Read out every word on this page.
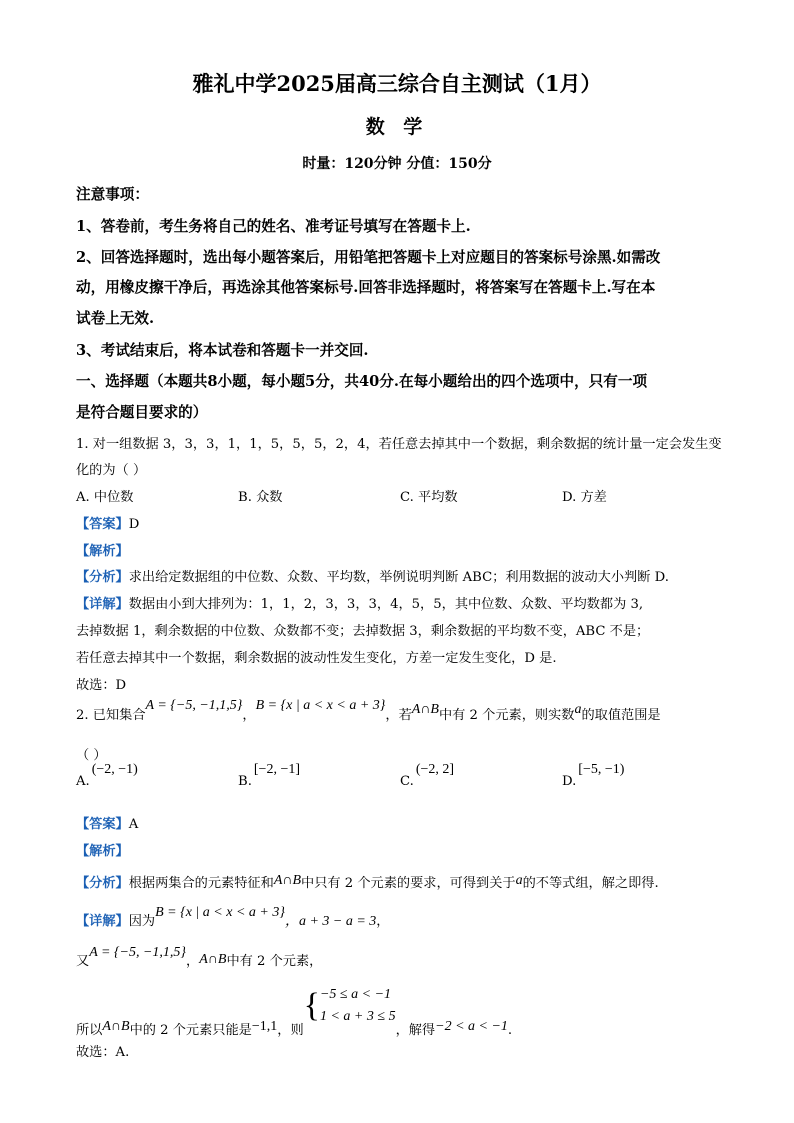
雅礼中学2025届高三综合自主测试（1月）
数 学
时量：120分钟 分值：150分
注意事项：
1、答卷前，考生务将自己的姓名、准考证号填写在答题卡上.
2、回答选择题时，选出每小题答案后，用铅笔把答题卡上对应题目的答案标号涂黑.如需改
动，用橡皮擦干净后，再选涂其他答案标号.回答非选择题时，将答案写在答题卡上.写在本
试卷上无效.
3、考试结束后，将本试卷和答题卡一并交回.
一、选择题（本题共8小题，每小题5分，共40分.在每小题给出的四个选项中，只有一项
是符合题目要求的）
1. 对一组数据 3，3，3，1，1，5，5，5，2，4，若任意去掉其中一个数据，剩余数据的统计量一定会发生变
化的为（ ）
A. 中位数	B. 众数	C. 平均数	D. 方差
【答案】D
【解析】
【分析】求出给定数据组的中位数、众数、平均数，举例说明判断 ABC；利用数据的波动大小判断 D.
【详解】数据由小到大排列为：1，1，2，3，3，3，4，5，5，其中位数、众数、平均数都为 3,
去掉数据 1，剩余数据的中位数、众数都不变；去掉数据 3，剩余数据的平均数不变，ABC 不是；
若任意去掉其中一个数据，剩余数据的波动性发生变化，方差一定发生变化，D 是.
故选：D
2. 已知集合A = {−5, −1,1,5}，B = {x | a < x < a + 3}，若A∩B中有 2 个元素，则实数a的取值范围是
（ ）
A.(−2, −1)
B.[−2, −1]
C.(−2, 2]
D.[−5, −1)
【答案】A
【解析】
【分析】根据两集合的元素特征和A∩B中只有 2 个元素的要求，可得到关于a的不等式组，解之即得.
【详解】因为B = {x | a < x < a + 3}，a + 3 − a = 3，
又A = {−5, −1,1,5}，A∩B中有 2 个元素，
所以A∩B中的 2 个元素只能是−1,1，则{ −5 ≤ a < −1
1 < a + 3 ≤ 5
，解得−2 < a < −1.
故选：A.
